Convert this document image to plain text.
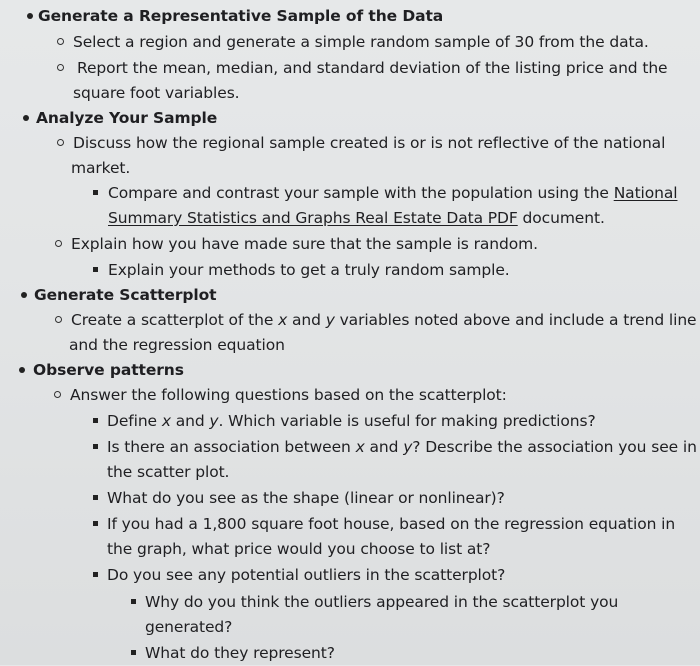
Generate a Representative Sample of the Data
Select a region and generate a simple random sample of 30 from the data.
Report the mean, median, and standard deviation of the listing price and the
square foot variables.
Analyze Your Sample
Discuss how the regional sample created is or is not reflective of the national
market.
Compare and contrast your sample with the population using the National
Summary Statistics and Graphs Real Estate Data PDF document.
Explain how you have made sure that the sample is random.
Explain your methods to get a truly random sample.
Generate Scatterplot
Create a scatterplot of the x and y variables noted above and include a trend line
and the regression equation
Observe patterns
Answer the following questions based on the scatterplot:
Define x and y. Which variable is useful for making predictions?
Is there an association between x and y? Describe the association you see in
the scatter plot.
What do you see as the shape (linear or nonlinear)?
If you had a 1,800 square foot house, based on the regression equation in
the graph, what price would you choose to list at?
Do you see any potential outliers in the scatterplot?
Why do you think the outliers appeared in the scatterplot you
generated?
What do they represent?
